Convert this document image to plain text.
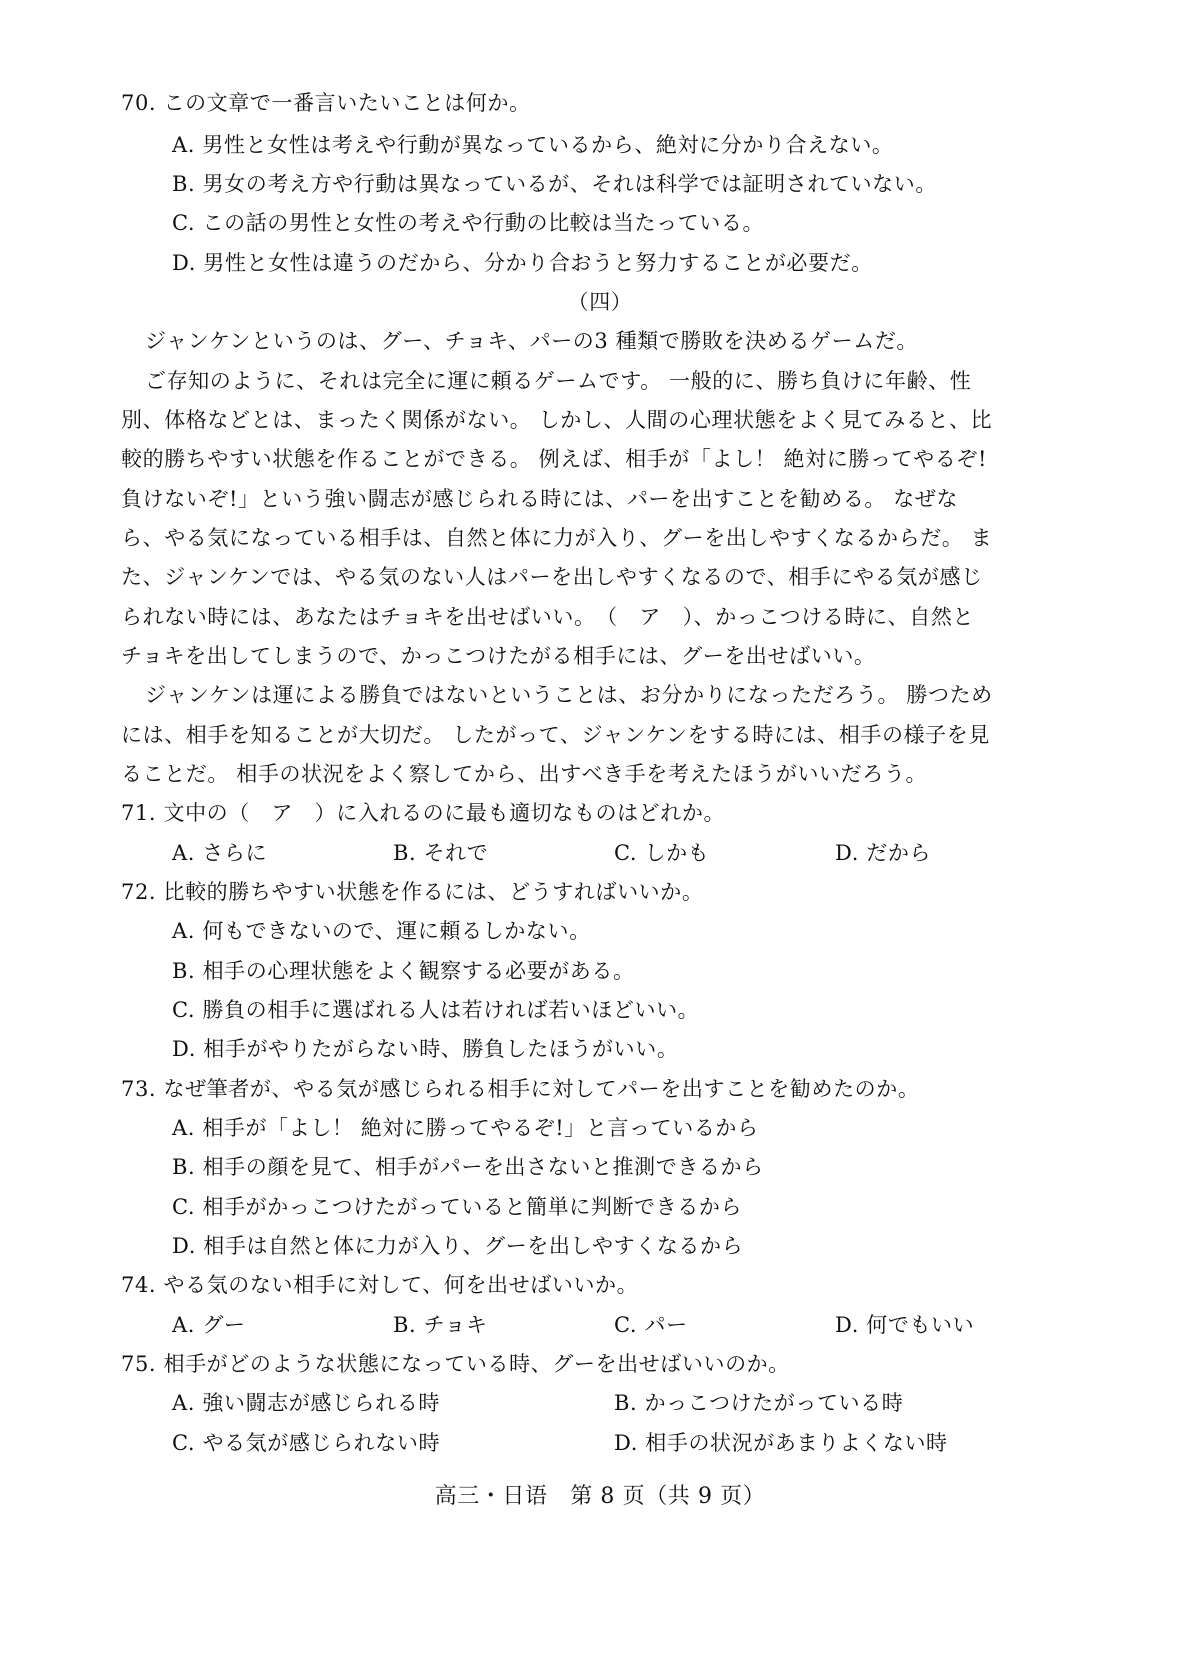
70. この文章で一番言いたいことは何か。
A. 男性と女性は考えや行動が異なっているから、絶対に分かり合えない。
B. 男女の考え方や行動は異なっているが、それは科学では証明されていない。
C. この話の男性と女性の考えや行動の比較は当たっている。
D. 男性と女性は違うのだから、分かり合おうと努力することが必要だ。
（四）
ジャンケンというのは、グー、チョキ、パーの3 種類で勝敗を決めるゲームだ。
ご存知のように、それは完全に運に頼るゲームです。 一般的に、勝ち負けに年齢、性
別、体格などとは、まったく関係がない。 しかし、人間の心理状態をよく見てみると、比
較的勝ちやすい状態を作ることができる。 例えば、相手が「よし！ 絶対に勝ってやるぞ!
負けないぞ!」という強い闘志が感じられる時には、パーを出すことを勧める。 なぜな
ら、やる気になっている相手は、自然と体に力が入り、グーを出しやすくなるからだ。 ま
た、ジャンケンでは、やる気のない人はパーを出しやすくなるので、相手にやる気が感じ
られない時には、あなたはチョキを出せばいい。　（　ア　）、かっこつける時に、自然と
チョキを出してしまうので、かっこつけたがる相手には、グーを出せばいい。
ジャンケンは運による勝負ではないということは、お分かりになっただろう。 勝つため
には、相手を知ることが大切だ。 したがって、ジャンケンをする時には、相手の様子を見
ることだ。 相手の状況をよく察してから、出すべき手を考えたほうがいいだろう。
71. 文中の（　ア　）に入れるのに最も適切なものはどれか。
A. さらに	B. それで	C. しかも	D. だから
72. 比較的勝ちやすい状態を作るには、どうすればいいか。
A. 何もできないので、運に頼るしかない。
B. 相手の心理状態をよく観察する必要がある。
C. 勝負の相手に選ばれる人は若ければ若いほどいい。
D. 相手がやりたがらない時、勝負したほうがいい。
73. なぜ筆者が、やる気が感じられる相手に対してパーを出すことを勧めたのか。
A. 相手が「よし！ 絶対に勝ってやるぞ!」と言っているから
B. 相手の顔を見て、相手がパーを出さないと推測できるから
C. 相手がかっこつけたがっていると簡単に判断できるから
D. 相手は自然と体に力が入り、グーを出しやすくなるから
74. やる気のない相手に対して、何を出せばいいか。
A. グー	B. チョキ	C. パー	D. 何でもいい
75. 相手がどのような状態になっている時、グーを出せばいいのか。
A. 強い闘志が感じられる時	B. かっこつけたがっている時
C. やる気が感じられない時	D. 相手の状況があまりよくない時
高三・日语　第 8 页（共 9 页）
